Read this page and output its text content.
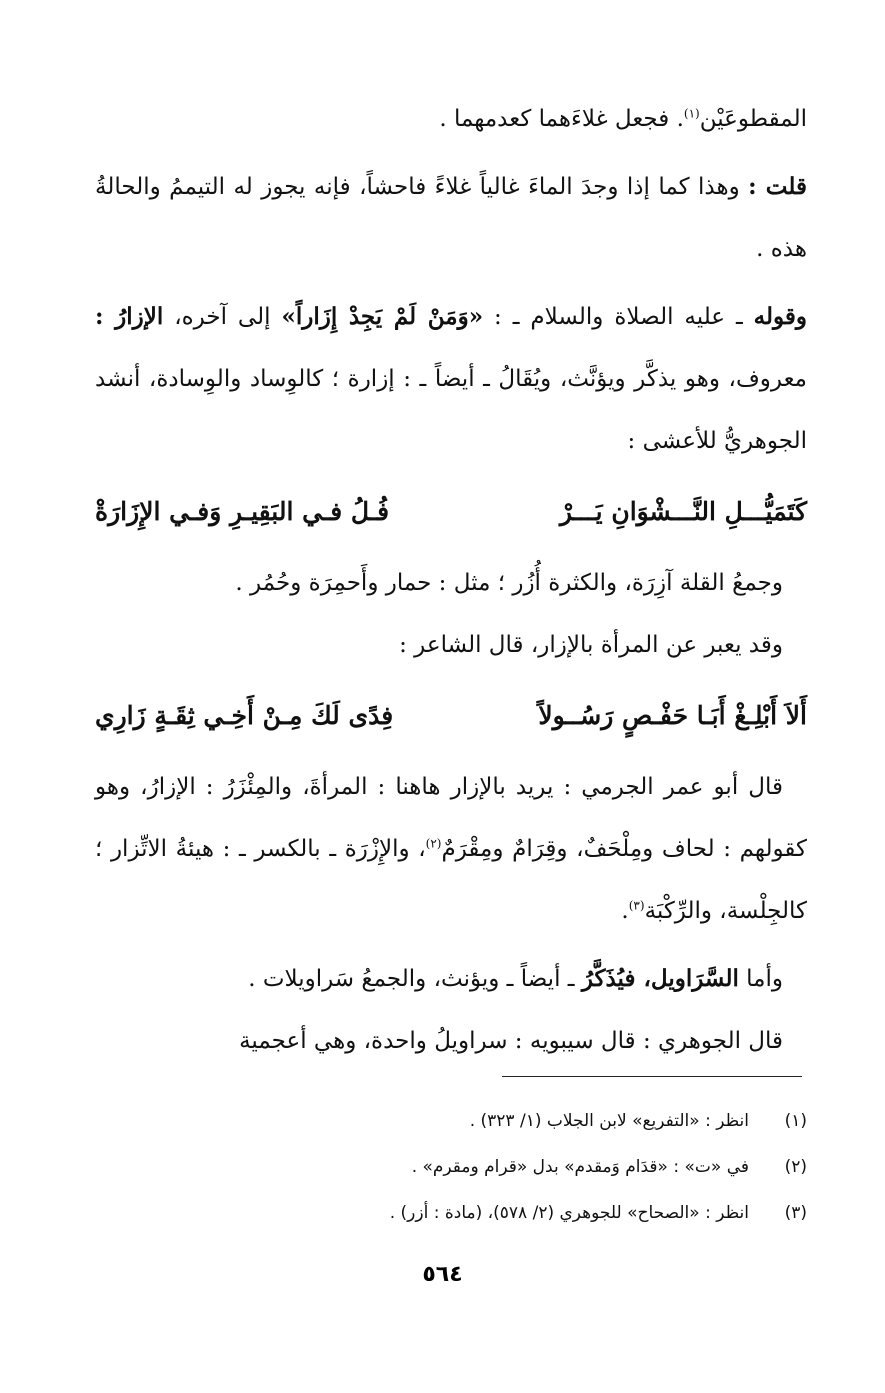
المقطوعَيْن$^{(١)}$. فجعل غلاءَهما كعدمهما .

قلت : وهذا كما إذا وجدَ الماءَ غالياً غلاءً فاحشاً، فإنه يجوز له التيممُ والحالةُ هذه .

وقوله ـ عليه الصلاة والسلام ـ : «وَمَنْ لَمْ يَجِدْ إِزَاراً» إلى آخره، الإزارُ : معروف، وهو يذكَّر ويؤنَّث، ويُقَالُ ـ أيضاً ـ : إزارة ؛ كالوِساد والوِسادة، أنشد الجوهريُّ للأعشى :

كَتَمَيُّـــلِ النَّـــشْوَانِ يَـــرْ
فُـلُ فـي البَقِيـرِ وَفـي الإِزَارَةْ

وجمعُ القلة آزِرَة، والكثرة أُزُر ؛ مثل : حمار وأَحمِرَة وحُمُر .

وقد يعبر عن المرأة بالإزار، قال الشاعر :

أَلاَ أَبْلِـغْ أَبَـا حَفْـصٍ رَسُــولاً
فِدًى لَكَ مِـنْ أَخِـي ثِقَـةٍ زَارِي

قال أبو عمر الجرمي : يريد بالإزار هاهنا : المرأةَ، والمِئْزَرُ : الإزارُ، وهو كقولهم : لحاف ومِلْحَفٌ، وقِرَامٌ ومِقْرَمٌ$^{(٢)}$، والإِزْرَة ـ بالكسر ـ : هيئةُ الاتِّزار ؛ كالجِلْسة، والرِّكْبَة$^{(٣)}$.

وأما السَّرَاويل، فيُذَكَّرُ ـ أيضاً ـ ويؤنث، والجمعُ سَراويلات .

قال الجوهري : قال سيبويه : سراويلُ واحدة، وهي أعجمية

(١)
انظر : «التفريع» لابن الجلاب (١/ ٣٢٣) .
(٢)
في «ت» : «قدَام وَمقدم» بدل «قرام ومقرم» .
(٣)
انظر : «الصحاح» للجوهري (٢/ ٥٧٨)، (مادة : أزر) .
٥٦٤
